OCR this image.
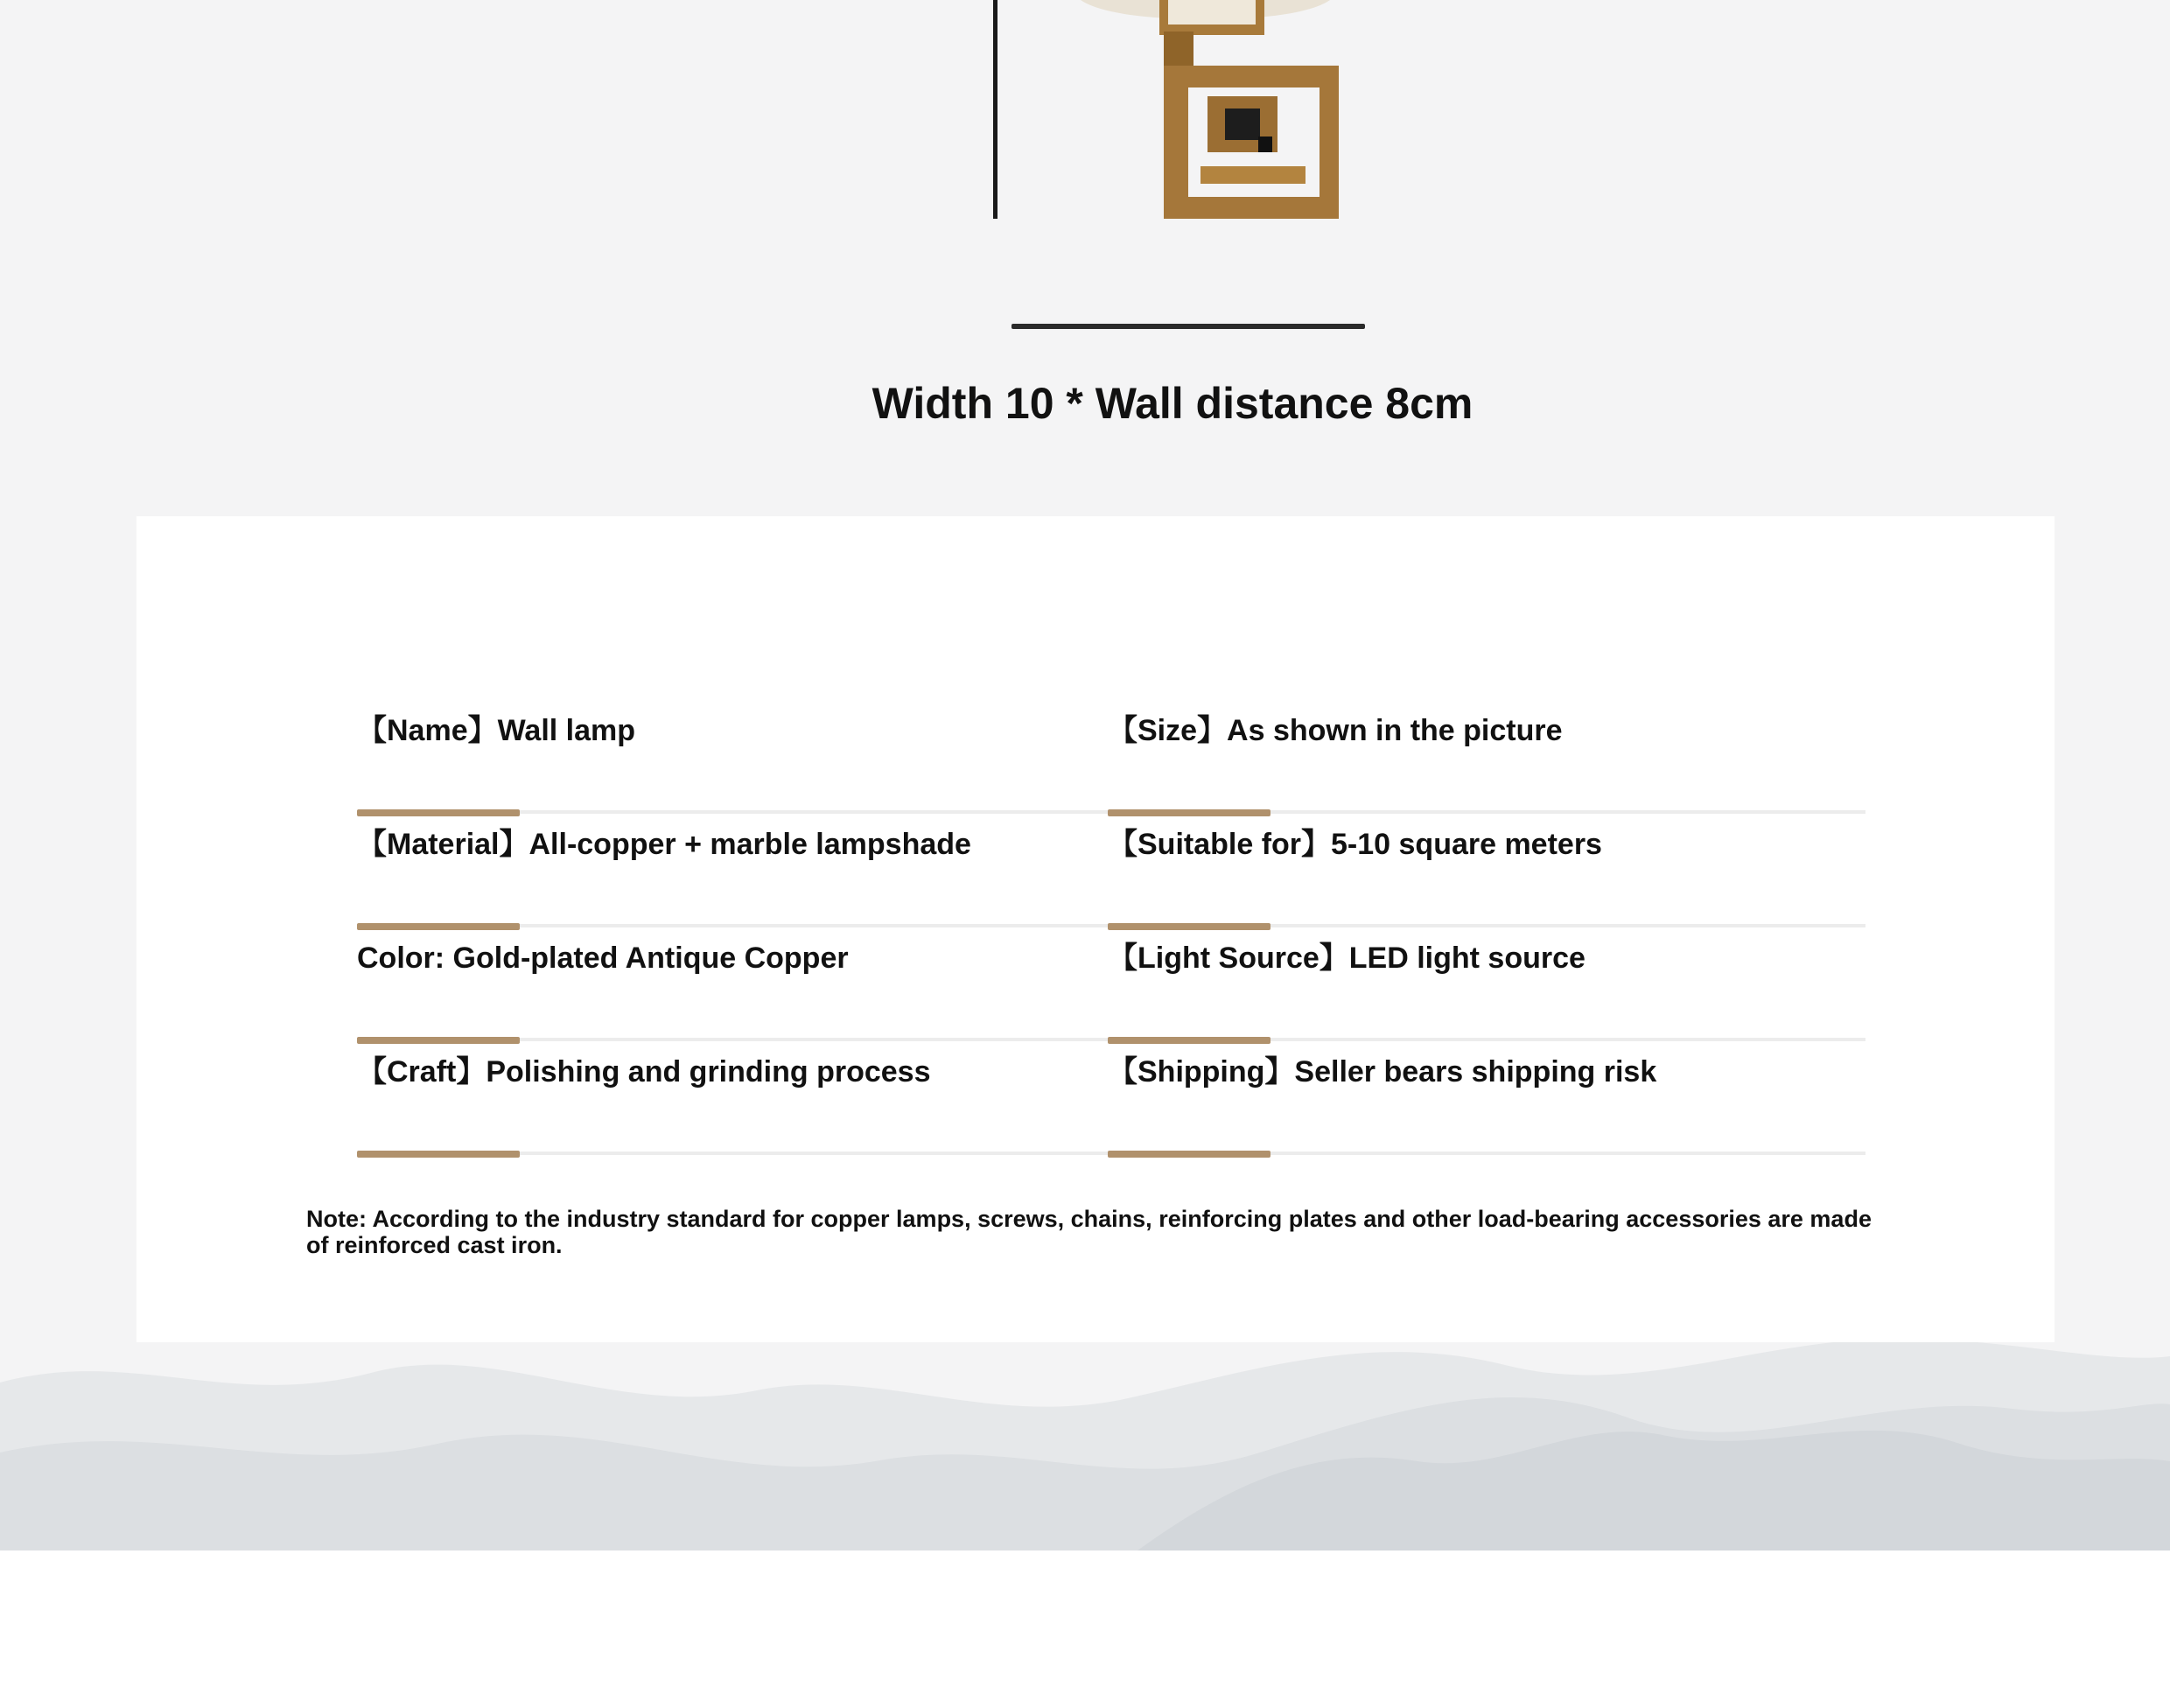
Width 10 * Wall distance 8cm
【Name】Wall lamp	【Size】As shown in the picture
【Material】All-copper + marble lampshade	【Suitable for】5-10 square meters
Color: Gold-plated Antique Copper	【Light Source】LED light source
【Craft】Polishing and grinding process	【Shipping】Seller bears shipping risk
Note: According to the industry standard for copper lamps, screws, chains, reinforcing plates and other load-bearing accessories are made of reinforced cast iron.
